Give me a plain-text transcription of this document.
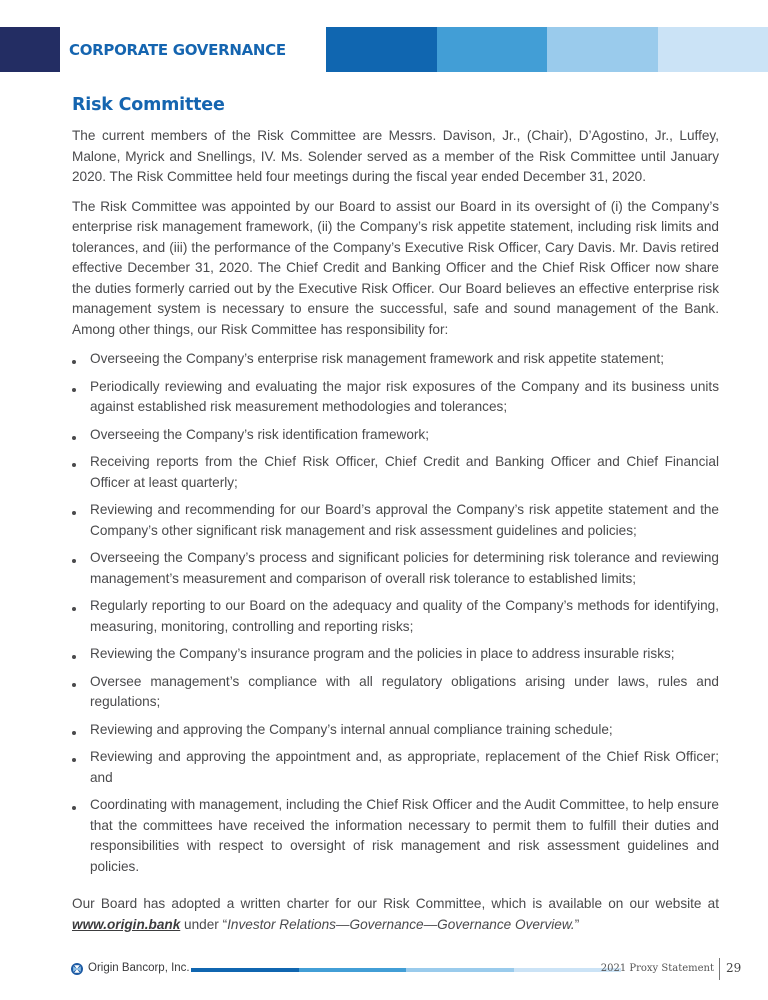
CORPORATE GOVERNANCE
Risk Committee

The current members of the Risk Committee are Messrs. Davison, Jr., (Chair), D’Agostino, Jr., Luffey, Malone, Myrick and Snellings, IV. Ms. Solender served as a member of the Risk Committee until January 2020. The Risk Committee held four meetings during the fiscal year ended December 31, 2020.

The Risk Committee was appointed by our Board to assist our Board in its oversight of (i) the Company’s enterprise risk management framework, (ii) the Company’s risk appetite statement, including risk limits and tolerances, and (iii) the performance of the Company’s Executive Risk Officer, Cary Davis. Mr. Davis retired effective December 31, 2020. The Chief Credit and Banking Officer and the Chief Risk Officer now share the duties formerly carried out by the Executive Risk Officer. Our Board believes an effective enterprise risk management system is necessary to ensure the successful, safe and sound management of the Bank. Among other things, our Risk Committee has responsibility for:

Overseeing the Company’s enterprise risk management framework and risk appetite statement;
Periodically reviewing and evaluating the major risk exposures of the Company and its business units against established risk measurement methodologies and tolerances;
Overseeing the Company’s risk identification framework;
Receiving reports from the Chief Risk Officer, Chief Credit and Banking Officer and Chief Financial Officer at least quarterly;
Reviewing and recommending for our Board’s approval the Company’s risk appetite statement and the Company’s other significant risk management and risk assessment guidelines and policies;
Overseeing the Company’s process and significant policies for determining risk tolerance and reviewing management’s measurement and comparison of overall risk tolerance to established limits;
Regularly reporting to our Board on the adequacy and quality of the Company’s methods for identifying, measuring, monitoring, controlling and reporting risks;
Reviewing the Company’s insurance program and the policies in place to address insurable risks;
Oversee management’s compliance with all regulatory obligations arising under laws, rules and regulations;
Reviewing and approving the Company’s internal annual compliance training schedule;
Reviewing and approving the appointment and, as appropriate, replacement of the Chief Risk Officer; and
Coordinating with management, including the Chief Risk Officer and the Audit Committee, to help ensure that the committees have received the information necessary to permit them to fulfill their duties and responsibilities with respect to oversight of risk management and risk assessment guidelines and policies.

Our Board has adopted a written charter for our Risk Committee, which is available on our website at www.origin.bank under “Investor Relations—Governance—Governance Overview.”

Origin Bancorp, Inc.	2021 Proxy Statement 29
